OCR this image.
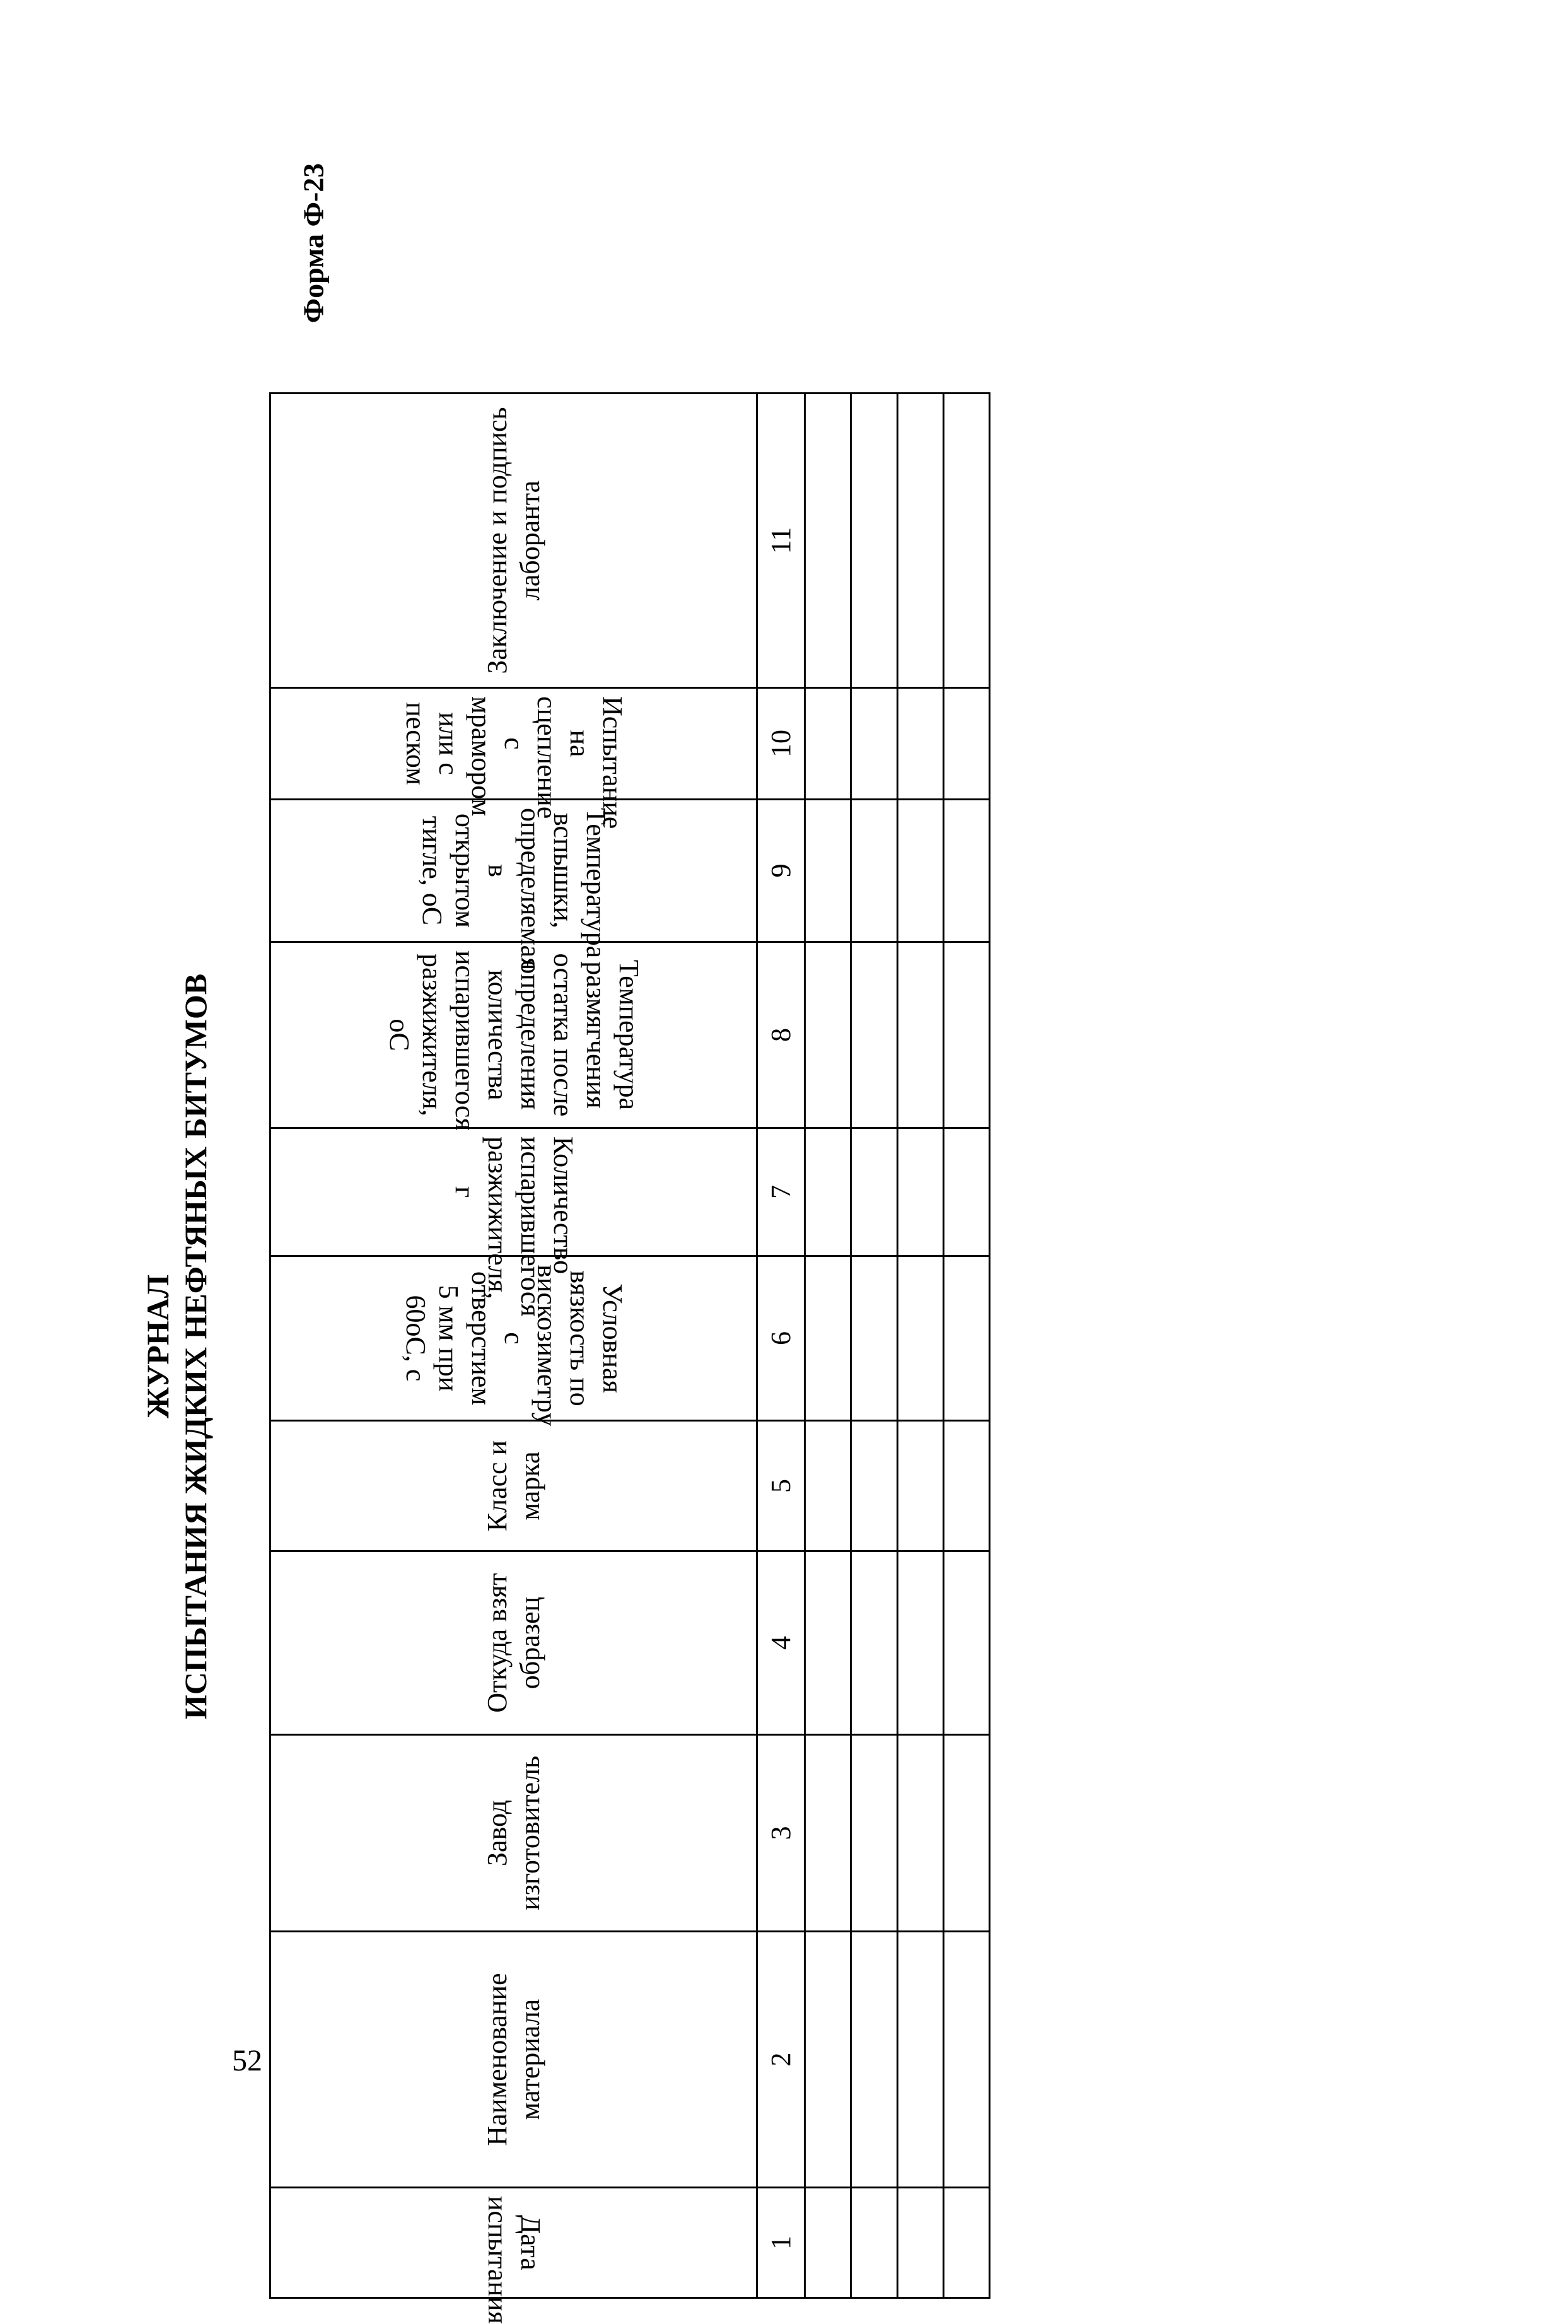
Форма Ф-23
ЖУРНАЛ ИСПЫТАНИЯ ЖИДКИХ НЕФТЯНЫХ БИТУМОВ
Дата испытания	Наименование материала	Завод изготовитель	Откуда взят образец	Класс и марка	Условная вязкость по вискозиметру с отверстием 5 мм при 60оС, с	Количество испарившегося разжижителя, г	Температура размягчения остатка после определения количества испарившегося разжижителя, оС	Температура вспышки, определяемая в открытом тигле, оС	Испытание на сцепление с мрамором или с песком	Заключение и подпись лаборанта

1	2	3	4	5	6	7	8	9	10	11

52
